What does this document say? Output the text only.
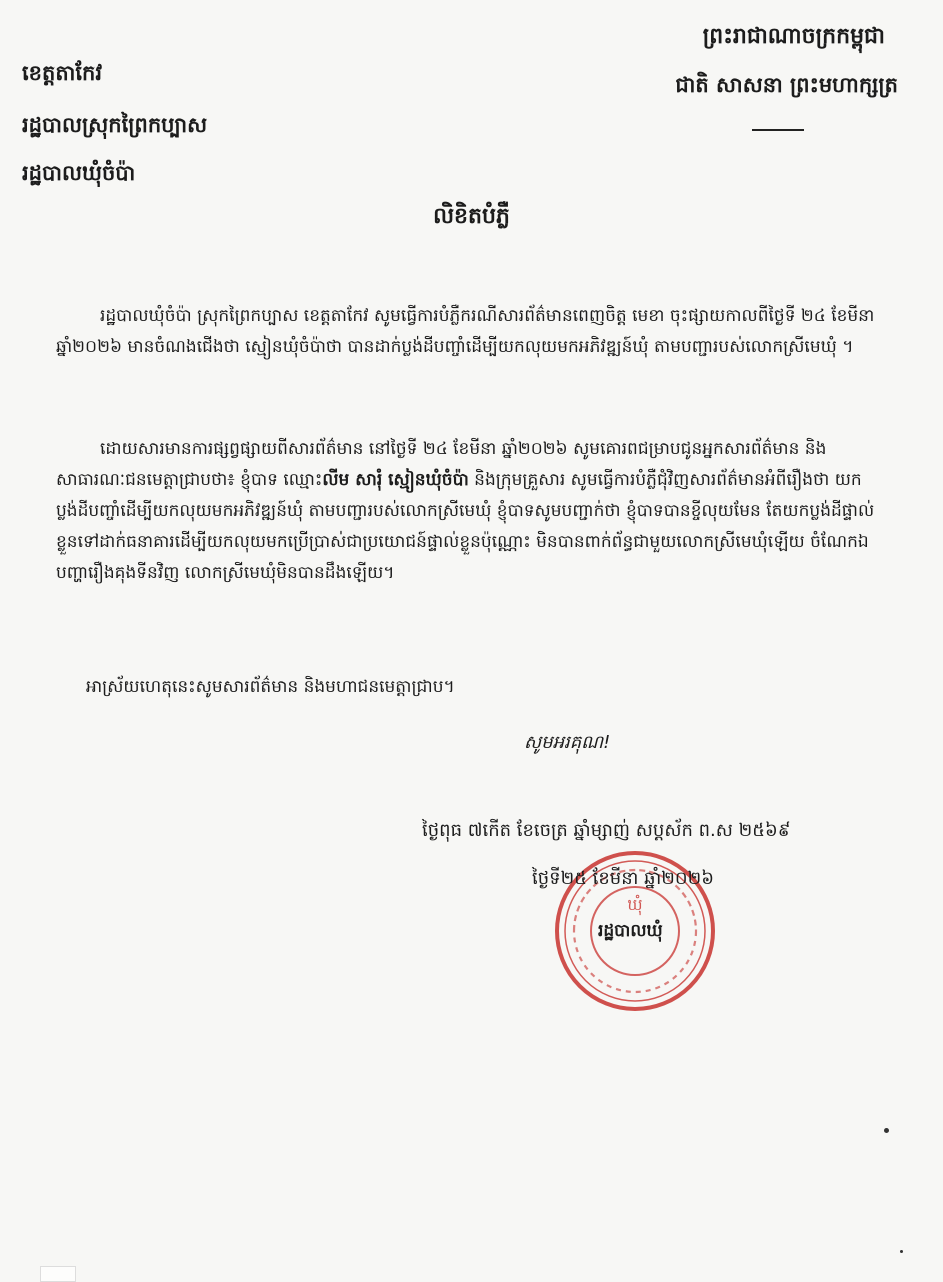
ព្រះរាជាណាចក្រកម្ពុជា
ជាតិ សាសនា ព្រះមហាក្សត្រ
ខេត្តតាកែវ
រដ្ឋបាលស្រុកព្រៃកប្បាស
រដ្ឋបាលឃុំចំប៉ា
លិខិតបំភ្លឺ
រដ្ឋបាលឃុំចំប៉ា ស្រុកព្រៃកប្បាស ខេត្តតាកែវ សូមធ្វើការបំភ្លឺករណីសារព័ត៌មានពេញចិត្ត មេខា ចុះផ្សាយកាលពីថ្ងៃទី ២៤ ខែមីនា ឆ្នាំ២០២៦ មានចំណងជើងថា ស្មៀនឃុំចំប៉ាថា បានដាក់ប្លង់ដីបញ្ចាំដើម្បីយកលុយមកអភិវឌ្ឍន៍ឃុំ តាមបញ្ជារបស់លោកស្រីមេឃុំ ។
ដោយសារមានការផ្សព្វផ្សាយពីសារព័ត៌មាន នៅថ្ងៃទី ២៤ ខែមីនា ឆ្នាំ២០២៦ សូមគោរពជម្រាបជូនអ្នកសារព័ត៌មាន និងសាធារណៈជនមេត្តាជ្រាបថា៖ ខ្ញុំបាទ ឈ្មោះលីម សារុំ ស្មៀនឃុំចំប៉ា និងក្រុមគ្រួសារ សូមធ្វើការបំភ្លឺជុំវិញសារព័ត៌មានអំពីរឿងថា យកប្លង់ដីបញ្ចាំដើម្បីយកលុយមកអភិវឌ្ឍន៍ឃុំ តាមបញ្ជារបស់លោកស្រីមេឃុំ ខ្ញុំបាទសូមបញ្ជាក់ថា ខ្ញុំបាទបានខ្ចីលុយមែន តែយកប្លង់ដីផ្ទាល់ខ្លួនទៅដាក់ធនាគារដើម្បីយកលុយមកប្រើប្រាស់ជាប្រយោជន៍ផ្ទាល់ខ្លួនប៉ុណ្ណោះ មិនបានពាក់ព័ន្ធជាមួយលោកស្រីមេឃុំឡើយ ចំណែកឯបញ្ហារឿងគុងទីនវិញ លោកស្រីមេឃុំមិនបានដឹងឡើយ។
អាស្រ័យហេតុនេះសូមសារព័ត៌មាន និងមហាជនមេត្តាជ្រាប។
សូមអរគុណ!
ថ្ងៃពុធ ៧កើត ខែចេត្រ ឆ្នាំម្សាញ់ សប្តស័ក ព.ស ២៥៦៩
ឃុំ
រដ្ឋបាលឃុំ
ថ្ងៃទី២៥ ខែមីនា ឆ្នាំ២០២៦
